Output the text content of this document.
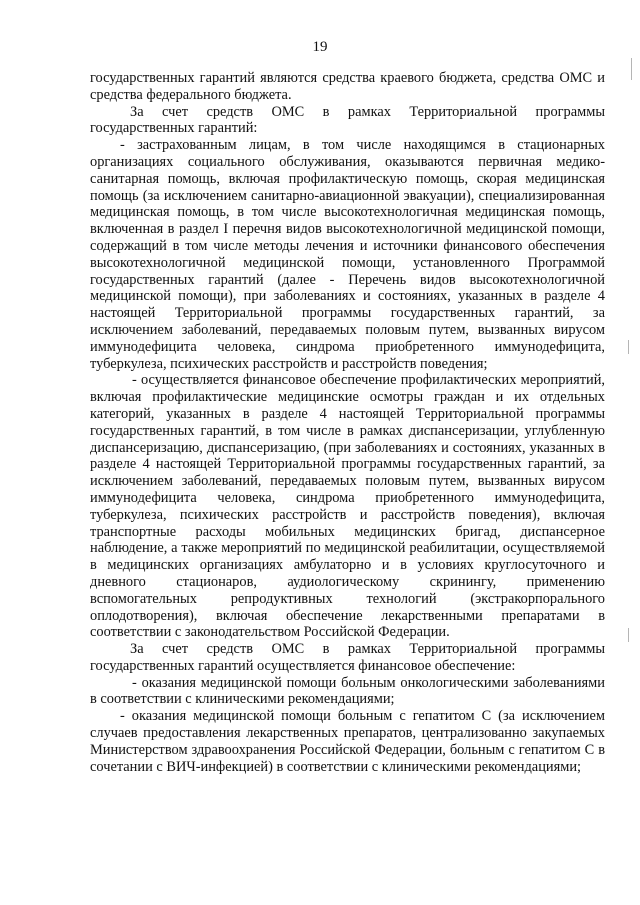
19

государственных гарантий являются средства краевого бюджета, средства ОМС и средства федерального бюджета.

За счет средств ОМС в рамках Территориальной программы государственных гарантий:

- застрахованным лицам, в том числе находящимся в стационарных организациях социального обслуживания, оказываются первичная медико-санитарная помощь, включая профилактическую помощь, скорая медицинская помощь (за исключением санитарно-авиационной эвакуации), специализированная медицинская помощь, в том числе высокотехнологичная медицинская помощь, включенная в раздел I перечня видов высокотехнологичной медицинской помощи, содержащий в том числе методы лечения и источники финансового обеспечения высокотехнологичной медицинской помощи, установленного Программой государственных гарантий (далее - Перечень видов высокотехнологичной медицинской помощи), при заболеваниях и состояниях, указанных в разделе 4 настоящей Территориальной программы государственных гарантий, за исключением заболеваний, передаваемых половым путем, вызванных вирусом иммунодефицита человека, синдрома приобретенного иммунодефицита, туберкулеза, психических расстройств и расстройств поведения;

- осуществляется финансовое обеспечение профилактических мероприятий, включая профилактические медицинские осмотры граждан и их отдельных категорий, указанных в разделе 4 настоящей Территориальной программы государственных гарантий, в том числе в рамках диспансеризации, углубленную диспансеризацию, диспансеризацию, (при заболеваниях и состояниях, указанных в разделе 4 настоящей Территориальной программы государственных гарантий, за исключением заболеваний, передаваемых половым путем, вызванных вирусом иммунодефицита человека, синдрома приобретенного иммунодефицита, туберкулеза, психических расстройств и расстройств поведения), включая транспортные расходы мобильных медицинских бригад, диспансерное наблюдение, а также мероприятий по медицинской реабилитации, осуществляемой в медицинских организациях амбулаторно и в условиях круглосуточного и дневного стационаров, аудиологическому скринингу, применению вспомогательных репродуктивных технологий (экстракорпорального оплодотворения), включая обеспечение лекарственными препаратами в соответствии с законодательством Российской Федерации.

За счет средств ОМС в рамках Территориальной программы государственных гарантий осуществляется финансовое обеспечение:

- оказания медицинской помощи больным онкологическими заболеваниями в соответствии с клиническими рекомендациями;

- оказания медицинской помощи больным с гепатитом С (за исключением случаев предоставления лекарственных препаратов, централизованно закупаемых Министерством здравоохранения Российской Федерации, больным с гепатитом С в сочетании с ВИЧ-инфекцией) в соответствии с клиническими рекомендациями;
